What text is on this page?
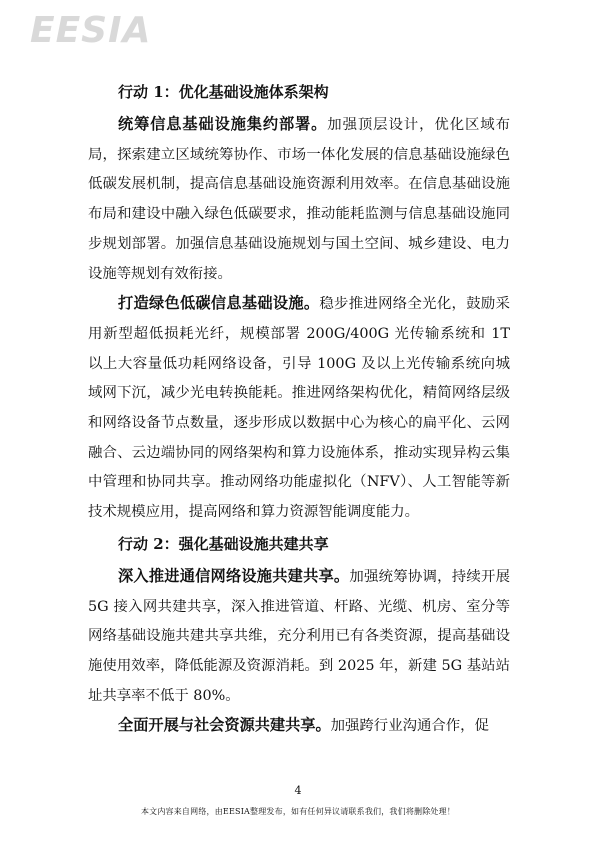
EESIA
行动 1：优化基础设施体系架构

统筹信息基础设施集约部署。加强顶层设计，优化区域布局，探索建立区域统筹协作、市场一体化发展的信息基础设施绿色低碳发展机制，提高信息基础设施资源利用效率。在信息基础设施布局和建设中融入绿色低碳要求，推动能耗监测与信息基础设施同步规划部署。加强信息基础设施规划与国土空间、城乡建设、电力设施等规划有效衔接。

打造绿色低碳信息基础设施。稳步推进网络全光化，鼓励采用新型超低损耗光纤，规模部署 200G/400G 光传输系统和 1T 以上大容量低功耗网络设备，引导 100G 及以上光传输系统向城域网下沉，减少光电转换能耗。推进网络架构优化，精简网络层级和网络设备节点数量，逐步形成以数据中心为核心的扁平化、云网融合、云边端协同的网络架构和算力设施体系，推动实现异构云集中管理和协同共享。推动网络功能虚拟化（NFV）、人工智能等新技术规模应用，提高网络和算力资源智能调度能力。

行动 2：强化基础设施共建共享

深入推进通信网络设施共建共享。加强统筹协调，持续开展 5G 接入网共建共享，深入推进管道、杆路、光缆、机房、室分等网络基础设施共建共享共维，充分利用已有各类资源，提高基础设施使用效率，降低能源及资源消耗。到 2025 年，新建 5G 基站站址共享率不低于 80%。

全面开展与社会资源共建共享。加强跨行业沟通合作，促

4
本文内容来自网络，由EESIA整理发布，如有任何异议请联系我们，我们将删除处理！
